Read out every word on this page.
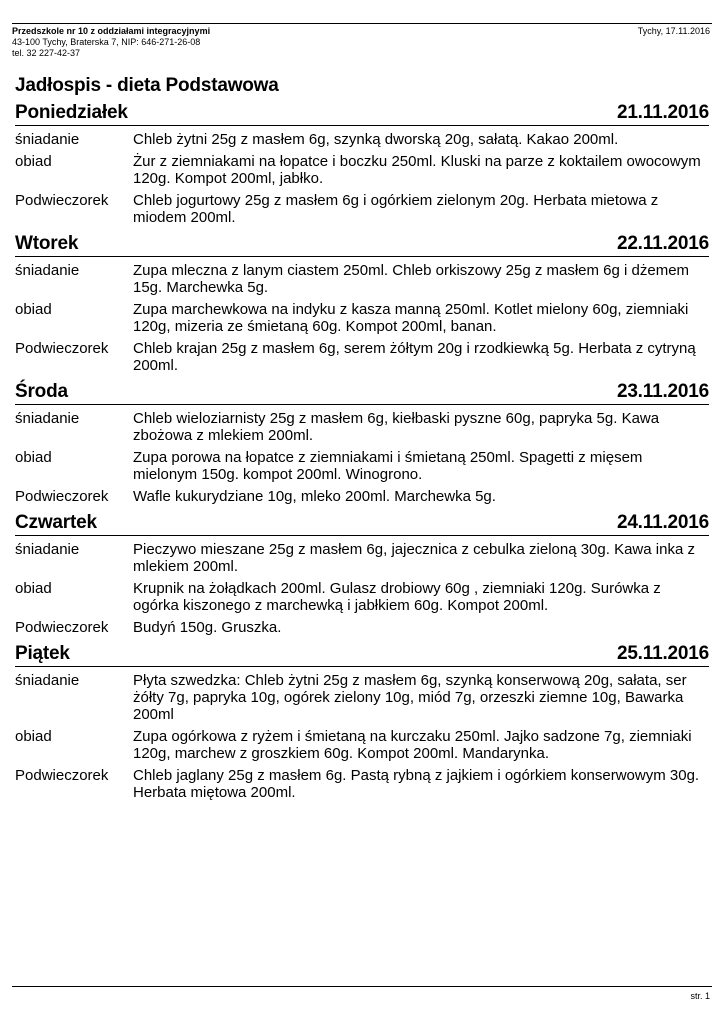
Przedszkole nr 10 z oddziałami integracyjnymi
43-100 Tychy, Braterska 7, NIP: 646-271-26-08
tel. 32 227-42-37
Tychy, 17.11.2016
Jadłospis - dieta Podstawowa
Poniedziałek	21.11.2016
śniadanie	Chleb żytni 25g z masłem 6g, szynką dworską 20g, sałatą. Kakao 200ml.
obiad	Żur z ziemniakami na łopatce i boczku 250ml. Kluski na parze z koktailem owocowym 120g. Kompot 200ml, jabłko.
Podwieczorek	Chleb jogurtowy 25g z masłem 6g i ogórkiem zielonym 20g. Herbata mietowa z miodem 200ml.
Wtorek	22.11.2016
śniadanie	Zupa mleczna z lanym ciastem 250ml. Chleb orkiszowy 25g z masłem 6g i dżemem 15g. Marchewka 5g.
obiad	Zupa marchewkowa na indyku z kasza manną 250ml. Kotlet mielony 60g, ziemniaki 120g, mizeria ze śmietaną 60g. Kompot 200ml, banan.
Podwieczorek	Chleb krajan 25g z masłem 6g, serem żółtym 20g i rzodkiewką 5g. Herbata z cytryną 200ml.
Środa	23.11.2016
śniadanie	Chleb wieloziarnisty 25g z masłem 6g, kiełbaski pyszne 60g, papryka 5g. Kawa zbożowa z mlekiem 200ml.
obiad	Zupa porowa na łopatce z ziemniakami i śmietaną 250ml. Spagetti z mięsem mielonym 150g. kompot 200ml. Winogrono.
Podwieczorek	Wafle kukurydziane 10g, mleko 200ml. Marchewka 5g.
Czwartek	24.11.2016
śniadanie	Pieczywo mieszane 25g z masłem 6g, jajecznica z cebulka zieloną 30g. Kawa inka z mlekiem 200ml.
obiad	Krupnik na żołądkach 200ml. Gulasz drobiowy 60g , ziemniaki 120g. Surówka z ogórka kiszonego z marchewką i jabłkiem 60g. Kompot 200ml.
Podwieczorek	Budyń 150g. Gruszka.
Piątek	25.11.2016
śniadanie	Płyta szwedzka: Chleb żytni 25g z masłem 6g, szynką konserwową 20g, sałata, ser żółty 7g, papryka 10g, ogórek zielony 10g, miód 7g, orzeszki ziemne 10g, Bawarka 200ml
obiad	Zupa ogórkowa z ryżem i śmietaną na kurczaku 250ml. Jajko sadzone 7g, ziemniaki 120g, marchew z groszkiem 60g. Kompot 200ml. Mandarynka.
Podwieczorek	Chleb jaglany 25g z masłem 6g. Pastą rybną z jajkiem i ogórkiem konserwowym 30g. Herbata miętowa 200ml.
str. 1
